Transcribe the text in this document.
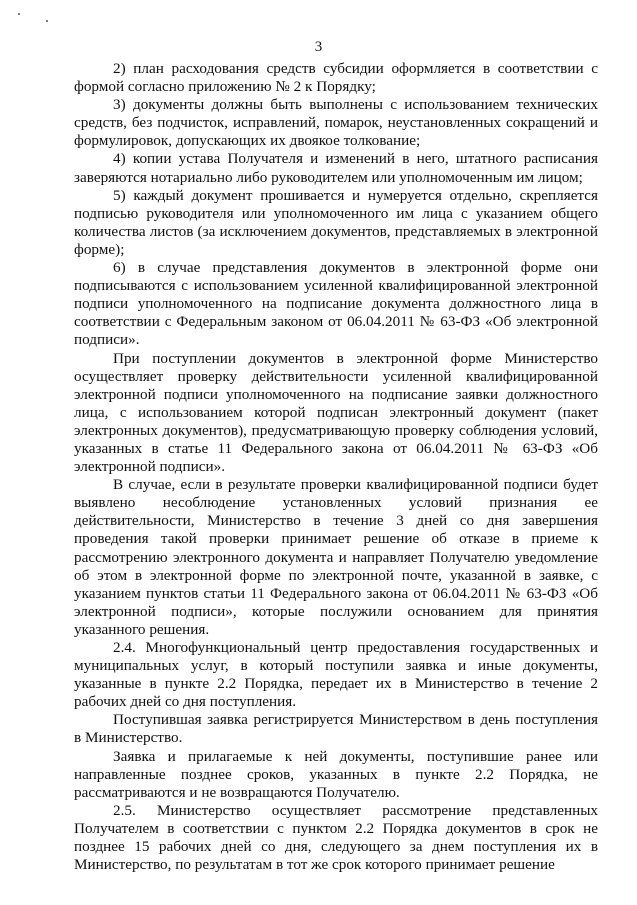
3

2) план расходования средств субсидии оформляется в соответствии с формой согласно приложению № 2 к Порядку;

3) документы должны быть выполнены с использованием технических средств, без подчисток, исправлений, помарок, неустановленных сокращений и формулировок, допускающих их двоякое толкование;

4) копии устава Получателя и изменений в него, штатного расписания заверяются нотариально либо руководителем или уполномоченным им лицом;

5) каждый документ прошивается и нумеруется отдельно, скрепляется подписью руководителя или уполномоченного им лица с указанием общего количества листов (за исключением документов, представляемых в электронной форме);

6) в случае представления документов в электронной форме они подписываются с использованием усиленной квалифицированной электронной подписи уполномоченного на подписание документа должностного лица в соответствии с Федеральным законом от 06.04.2011 № 63-ФЗ «Об электронной подписи».

При поступлении документов в электронной форме Министерство осуществляет проверку действительности усиленной квалифицированной электронной подписи уполномоченного на подписание заявки должностного лица, с использованием которой подписан электронный документ (пакет электронных документов), предусматривающую проверку соблюдения условий, указанных в статье 11 Федерального закона от 06.04.2011 № 63-ФЗ «Об электронной подписи».

В случае, если в результате проверки квалифицированной подписи будет выявлено несоблюдение установленных условий признания ее действительности, Министерство в течение 3 дней со дня завершения проведения такой проверки принимает решение об отказе в приеме к рассмотрению электронного документа и направляет Получателю уведомление об этом в электронной форме по электронной почте, указанной в заявке, с указанием пунктов статьи 11 Федерального закона от 06.04.2011 № 63-ФЗ «Об электронной подписи», которые послужили основанием для принятия указанного решения.

2.4. Многофункциональный центр предоставления государственных и муниципальных услуг, в который поступили заявка и иные документы, указанные в пункте 2.2 Порядка, передает их в Министерство в течение 2 рабочих дней со дня поступления.

Поступившая заявка регистрируется Министерством в день поступления в Министерство.

Заявка и прилагаемые к ней документы, поступившие ранее или направленные позднее сроков, указанных в пункте 2.2 Порядка, не рассматриваются и не возвращаются Получателю.

2.5. Министерство осуществляет рассмотрение представленных Получателем в соответствии с пунктом 2.2 Порядка документов в срок не позднее 15 рабочих дней со дня, следующего за днем поступления их в Министерство, по результатам в тот же срок которого принимает решение
